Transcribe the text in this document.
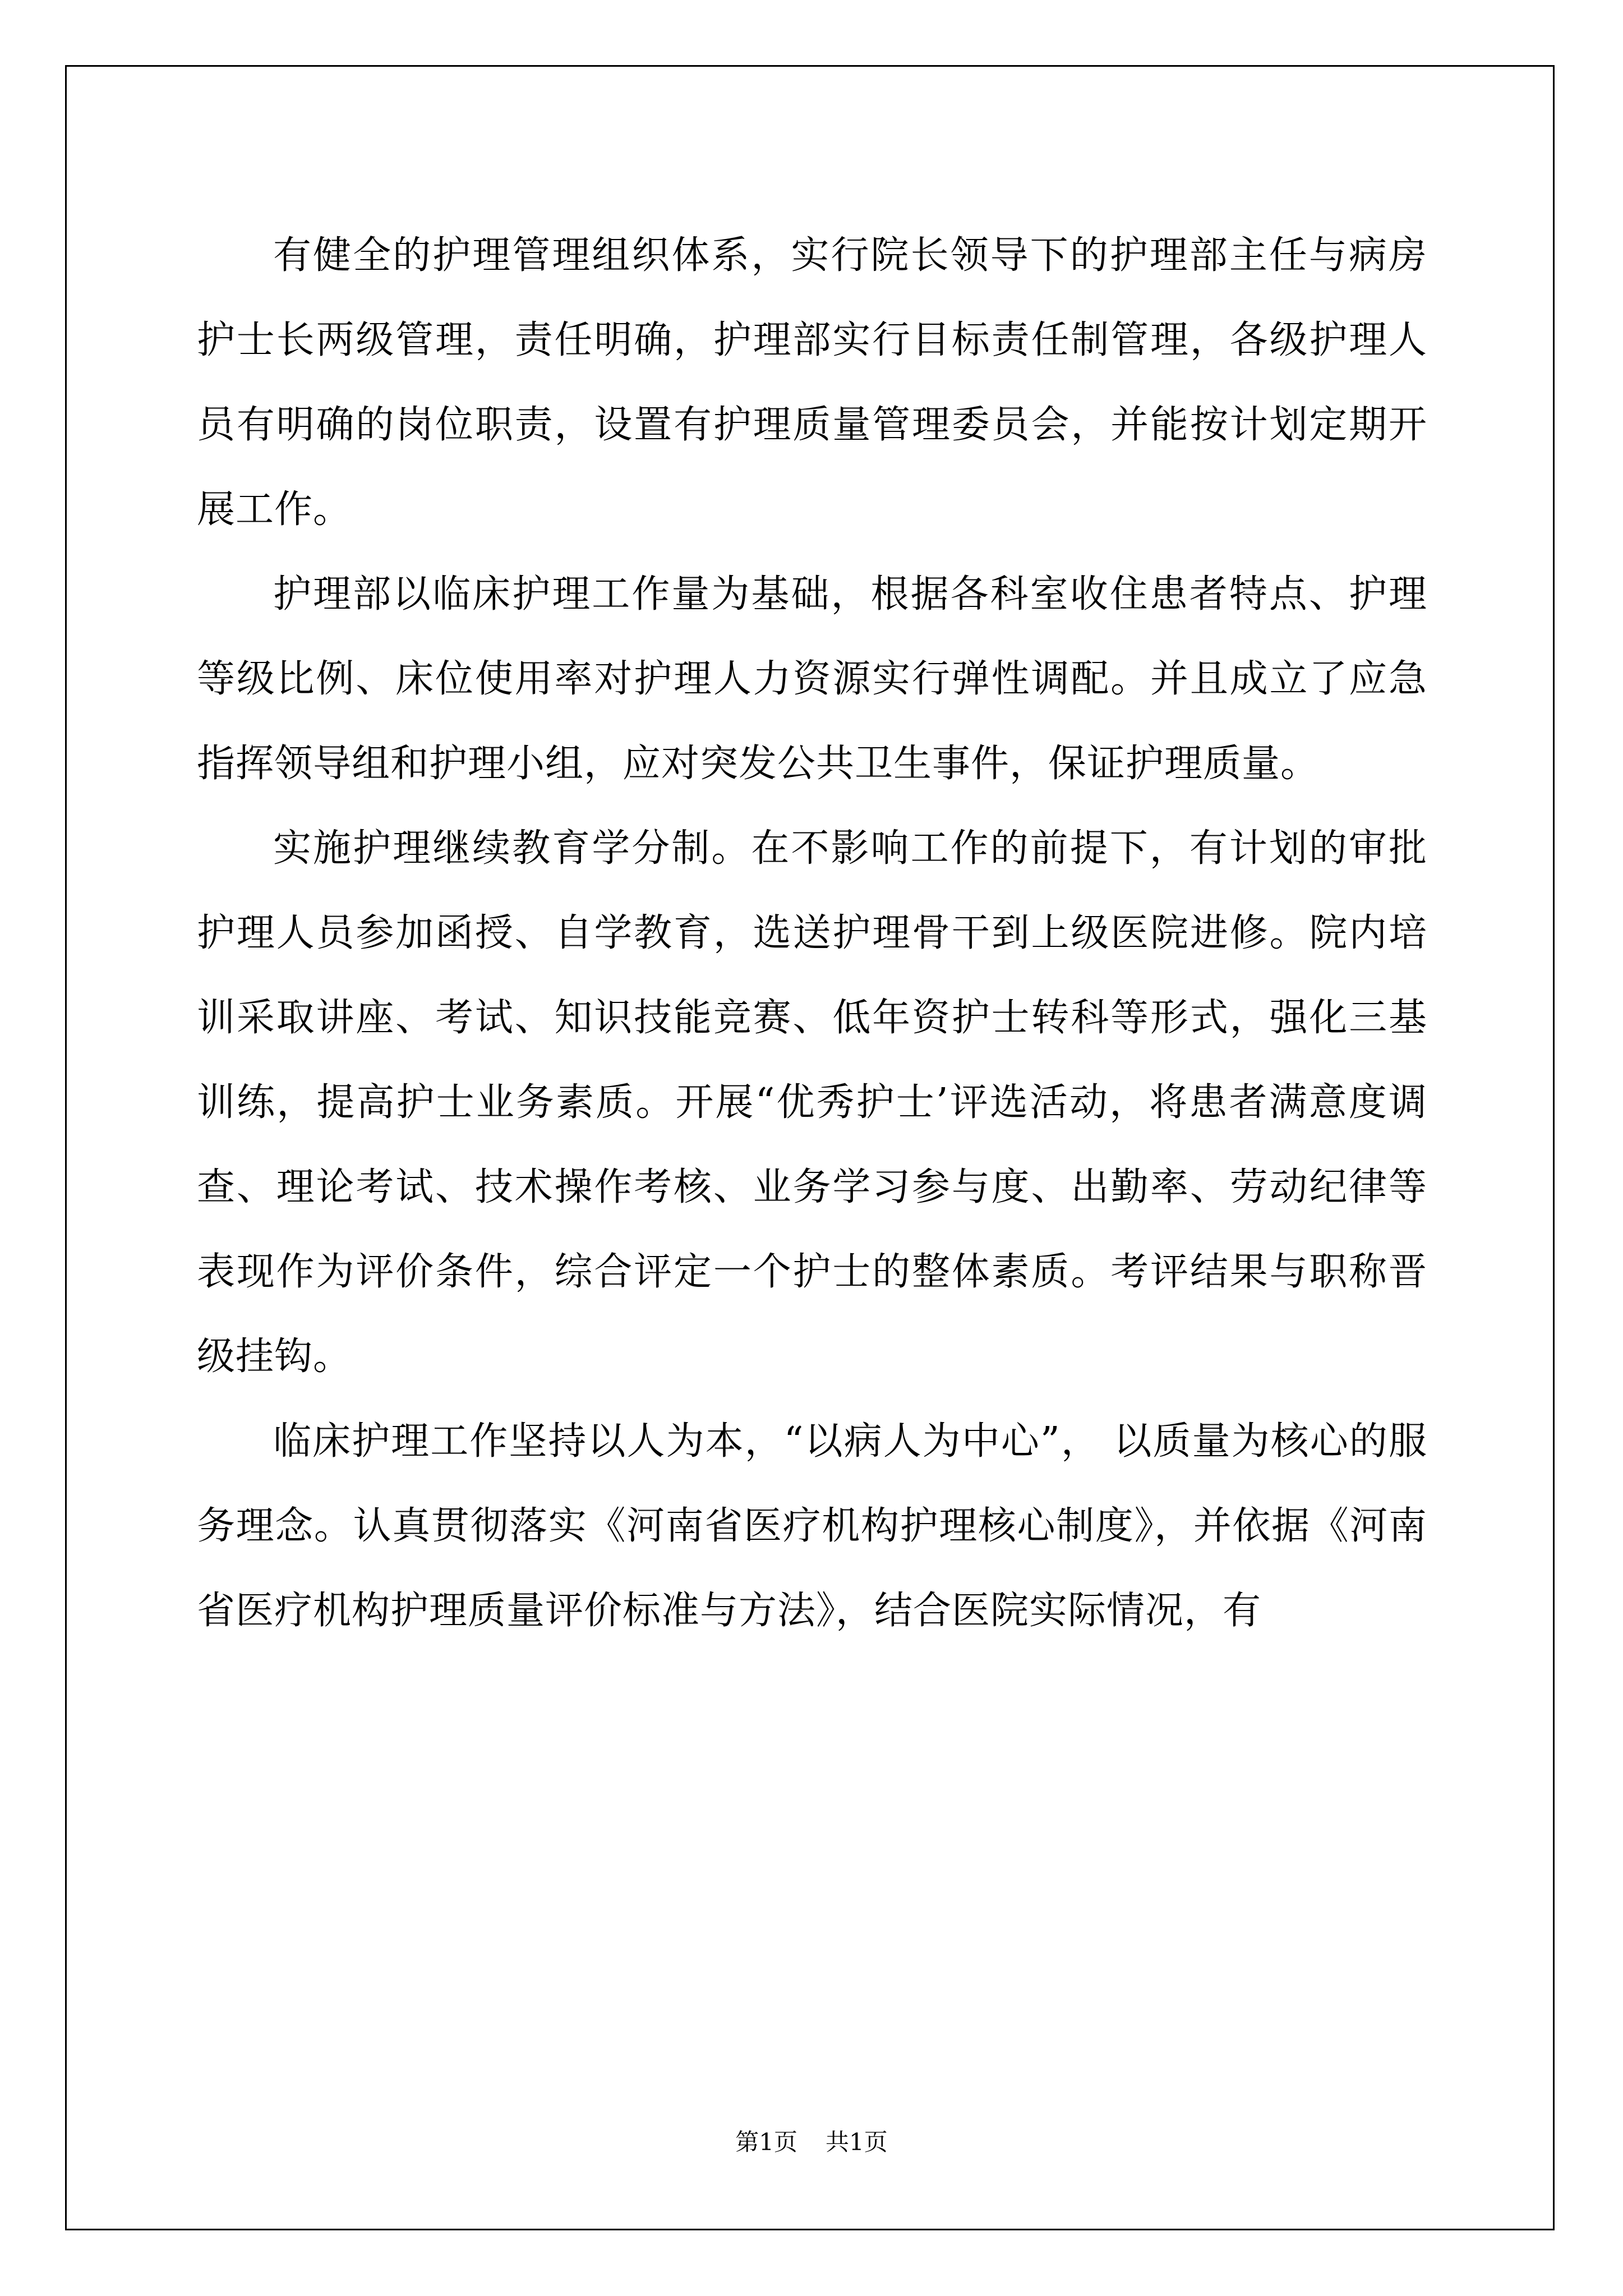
有健全的护理管理组织体系，实行院长领导下的护理部主任与病房护士长两级管理，责任明确，护理部实行目标责任制管理，各级护理人员有明确的岗位职责，设置有护理质量管理委员会，并能按计划定期开展工作。

护理部以临床护理工作量为基础，根据各科室收住患者特点、护理等级比例、床位使用率对护理人力资源实行弹性调配。并且成立了应急指挥领导组和护理小组，应对突发公共卫生事件，保证护理质量。

实施护理继续教育学分制。在不影响工作的前提下，有计划的审批护理人员参加函授、自学教育，选送护理骨干到上级医院进修。院内培训采取讲座、考试、知识技能竞赛、低年资护士转科等形式，强化三基训练，提高护士业务素质。开展“优秀护士’评选活动，将患者满意度调查、理论考试、技术操作考核、业务学习参与度、出勤率、劳动纪律等表现作为评价条件，综合评定一个护士的整体素质。考评结果与职称晋级挂钩。

临床护理工作坚持以人为本，“以病人为中心”， 以质量为核心的服务理念。认真贯彻落实《河南省医疗机构护理核心制度》，并依据《河南省医疗机构护理质量评价标准与方法》，结合医院实际情况，有

第1页 共1页
